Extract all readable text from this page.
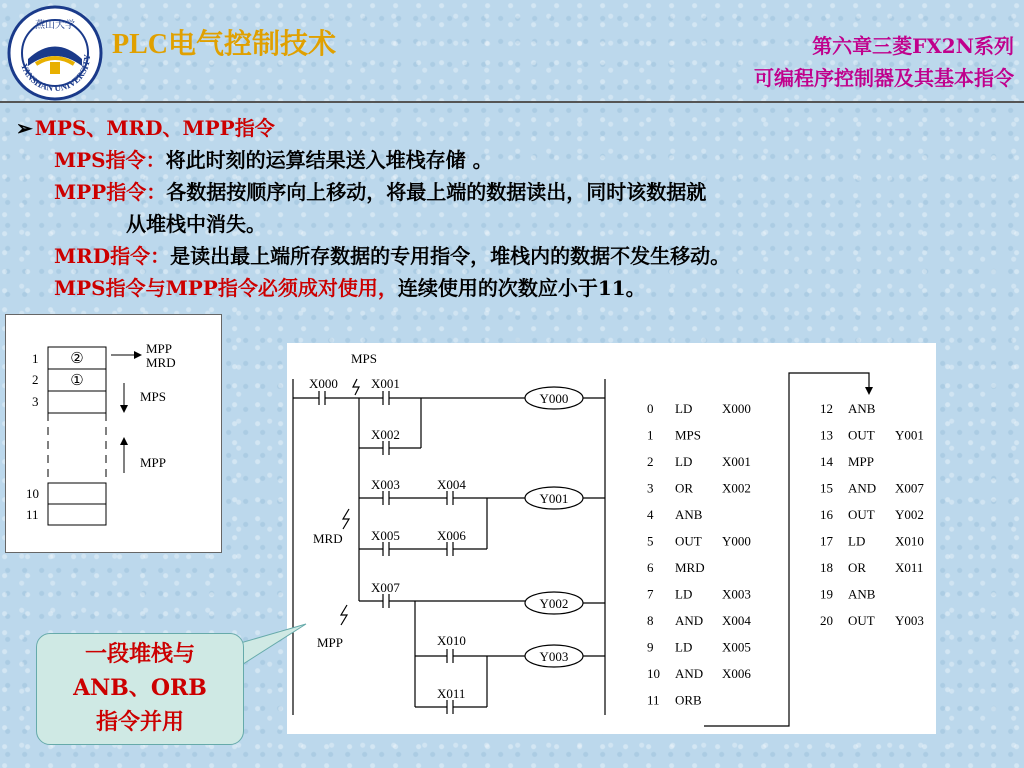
YANSHAN UNIVERSITY
燕山大学
PLC电气控制技术	第六章三菱FX2N系列
可编程序控制器及其基本指令
➢ MPS、MRD、MPP指令
MPS指令：将此时刻的运算结果送入堆栈存储 。
MPP指令：各数据按顺序向上移动，将最上端的数据读出，同时该数据就
从堆栈中消失。
MRD指令：是读出最上端所存数据的专用指令，堆栈内的数据不发生移动。
MPS指令与MPP指令必须成对使用，连续使用的次数应小于11。
1
2
3
10
11
②
①
MPP
MRD
MPS
MPP
MPS
MRD
MPP
X000	X001
X002
X003	X004
X005	X006
X007
X010
X011
Y000
Y001
Y002
Y003
0 LD X000
1 MPS
2 LD X001
3 OR X002
4 ANB
5 OUT Y000
6 MRD
7 LD X003
8 AND X004
9 LD X005
10 AND X006
11 ORB
12 ANB
13 OUT Y001
14 MPP
15 AND X007
16 OUT Y002
17 LD X010
18 OR X011
19 ANB
20 OUT Y003
一段堆栈与
ANB、ORB
指令并用
